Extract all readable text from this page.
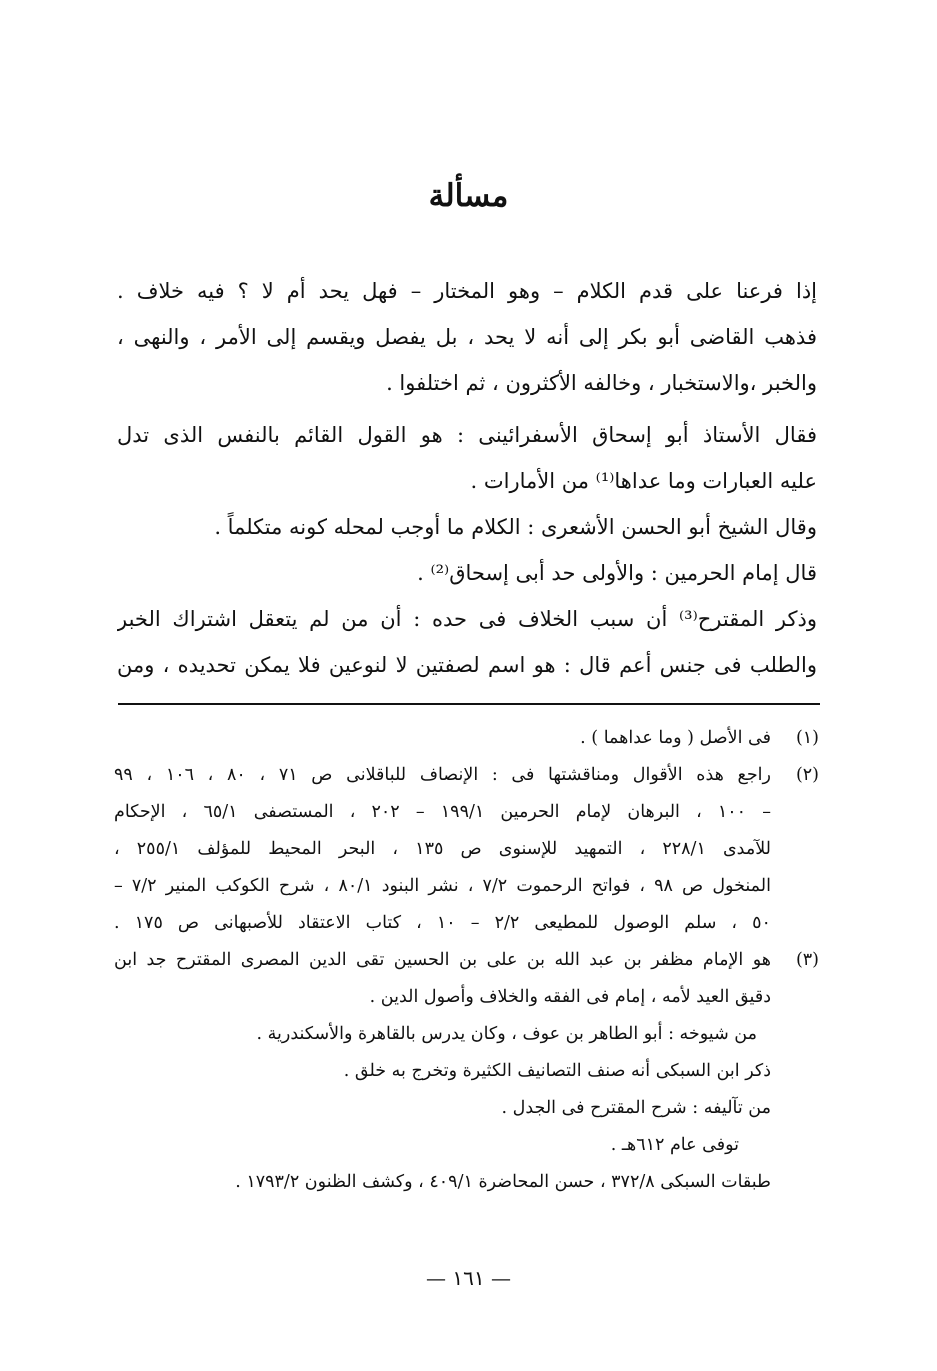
مسألة
إذا فرعنا على قدم الكلام – وهو المختار – فهل يحد أم لا ؟ فيه خلاف .
فذهب القاضى أبو بكر إلى أنه لا يحد ، بل يفصل ويقسم إلى الأمر ، والنهى ،
والخبر ،والاستخبار ، وخالفه الأكثرون ، ثم اختلفوا .
فقال الأستاذ أبو إسحاق الأسفرائينى : هو القول القائم بالنفس الذى تدل
عليه العبارات وما عداها⁽¹⁾ من الأمارات .
وقال الشيخ أبو الحسن الأشعرى : الكلام ما أوجب لمحله كونه متكلماً .
قال إمام الحرمين : والأولى حد أبى إسحاق⁽²⁾ .
وذكر المقترح⁽³⁾ أن سبب الخلاف فى حده : أن من لم يتعقل اشتراك الخبر
والطلب فى جنس أعم قال : هو اسم لصفتين لا لنوعين فلا يمكن تحديده ، ومن
(١)
فى الأصل ( وما عداهما ) .
(٢)
راجع هذه الأقوال ومناقشتها فى : الإنصاف للباقلانى ص ٧١ ، ٨٠ ، ١٠٦ ، ٩٩
– ١٠٠ ، البرهان لإمام الحرمين ١٩٩/١ – ٢٠٢ ، المستصفى ٦٥/١ ، الإحكام
للآمدى ٢٢٨/١ ، التمهيد للإسنوى ص ١٣٥ ، البحر المحيط للمؤلف ٢٥٥/١ ،
المنخول ص ٩٨ ، فواتح الرحموت ٧/٢ ، نشر البنود ٨٠/١ ، شرح الكوكب المنير ٧/٢ –
٥٠ ، سلم الوصول للمطيعى ٢/٢ – ١٠ ، كتاب الاعتقاد للأصبهانى ص ١٧٥ .
(٣)
هو الإمام مظفر بن عبد الله بن على بن الحسين تقى الدين المصرى المقترح جد ابن
دقيق العيد لأمه ، إمام فى الفقه والخلاف وأصول الدين .
من شيوخه : أبو الطاهر بن عوف ، وكان يدرس بالقاهرة والأسكندرية .
ذكر ابن السبكى أنه صنف التصانيف الكثيرة وتخرج به خلق .
من تآليفه : شرح المقترح فى الجدل .
توفى عام ٦١٢هـ .
طبقات السبكى ٣٧٢/٨ ، حسن المحاضرة ٤٠٩/١ ، وكشف الظنون ١٧٩٣/٢ .
— ١٦١ —
